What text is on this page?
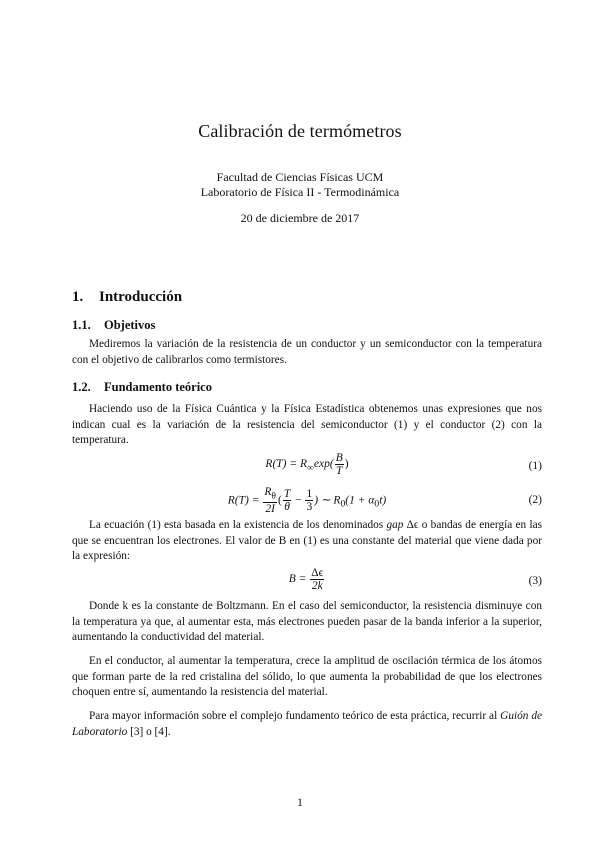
Calibración de termómetros
Facultad de Ciencias Físicas UCM
Laboratorio de Física II - Termodinámica
20 de diciembre de 2017
1. Introducción
1.1. Objetivos

Mediremos la variación de la resistencia de un conductor y un semiconductor con la temperatura con el objetivo de calibrarlos como termistores.

1.2. Fundamento teórico

Haciendo uso de la Física Cuántica y la Física Estadística obtenemos unas expresiones que nos indican cual es la variación de la resistencia del semiconductor (1) y el conductor (2) con la temperatura.

$R(T) = R_\infty\exp( \frac{B}{T}$ )	(1)
$R(T) = \frac{R_\theta}{2I}$ ( $\frac{T}{\theta} - \frac{1}{3}$ ) ∼ $R_0(1 + \alpha_0t)$	(2)

La ecuación (1) esta basada en la existencia de los denominados gap Δϵ o bandas de energía en las que se encuentran los electrones. El valor de B en (1) es una constante del material que viene dada por la expresión:

$B = \frac{\Delta\epsilon}{2k}$	(3)

Donde k es la constante de Boltzmann. En el caso del semiconductor, la resistencia disminuye con la temperatura ya que, al aumentar esta, más electrones pueden pasar de la banda inferior a la superior, aumentando la conductividad del material.

En el conductor, al aumentar la temperatura, crece la amplitud de oscilación térmica de los átomos que forman parte de la red cristalina del sólido, lo que aumenta la probabilidad de que los electrones choquen entre sí, aumentando la resistencia del material.

Para mayor información sobre el complejo fundamento teórico de esta práctica, recurrir al Guión de Laboratorio [3] o [4].

1
